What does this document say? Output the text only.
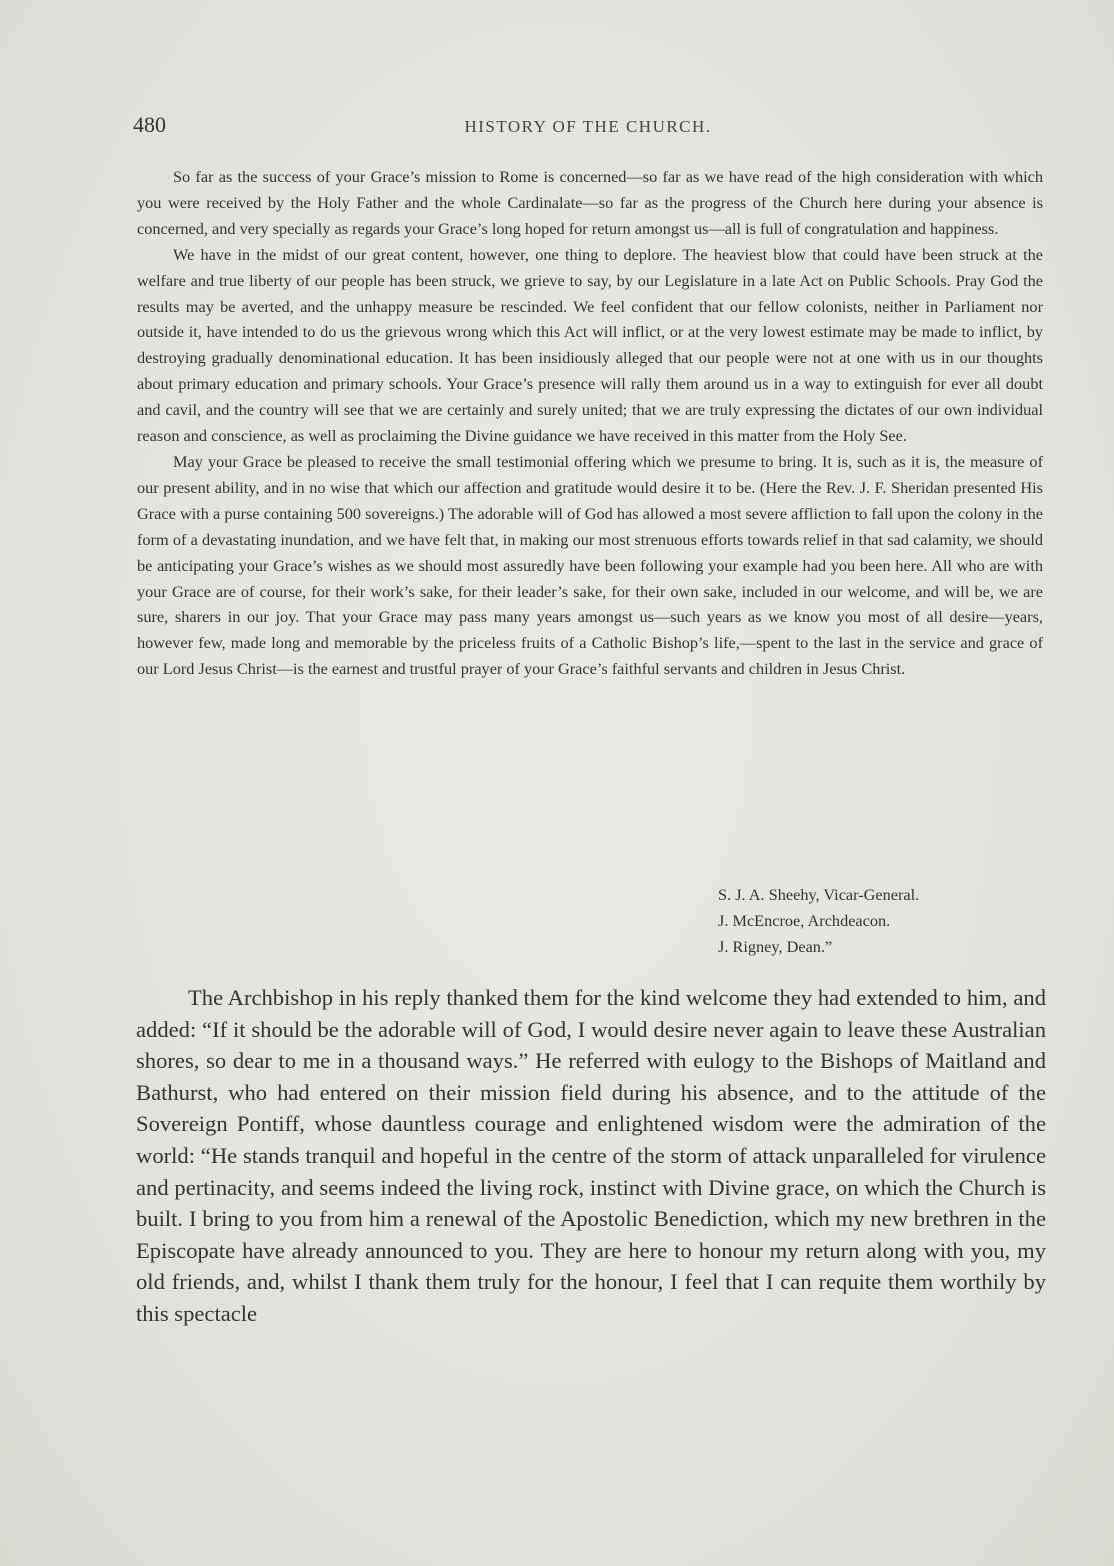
480	HISTORY OF THE CHURCH.

So far as the success of your Grace’s mission to Rome is concerned—so far as we have read of the high consideration with which you were received by the Holy Father and the whole Cardinalate—so far as the progress of the Church here during your absence is concerned, and very specially as regards your Grace’s long hoped for return amongst us—all is full of congratulation and happiness.

We have in the midst of our great content, however, one thing to deplore. The heaviest blow that could have been struck at the welfare and true liberty of our people has been struck, we grieve to say, by our Legislature in a late Act on Public Schools. Pray God the results may be averted, and the unhappy measure be rescinded. We feel confident that our fellow colonists, neither in Parliament nor outside it, have intended to do us the grievous wrong which this Act will inflict, or at the very lowest estimate may be made to inflict, by destroying gradually denominational education. It has been insidiously alleged that our people were not at one with us in our thoughts about primary education and primary schools. Your Grace’s presence will rally them around us in a way to extinguish for ever all doubt and cavil, and the country will see that we are certainly and surely united; that we are truly expressing the dictates of our own individual reason and conscience, as well as proclaiming the Divine guidance we have received in this matter from the Holy See.

May your Grace be pleased to receive the small testimonial offering which we presume to bring. It is, such as it is, the measure of our present ability, and in no wise that which our affection and gratitude would desire it to be. (Here the Rev. J. F. Sheridan presented His Grace with a purse containing 500 sovereigns.) The adorable will of God has allowed a most severe affliction to fall upon the colony in the form of a devastating inundation, and we have felt that, in making our most strenuous efforts towards relief in that sad calamity, we should be anticipating your Grace’s wishes as we should most assuredly have been following your example had you been here. All who are with your Grace are of course, for their work’s sake, for their leader’s sake, for their own sake, included in our welcome, and will be, we are sure, sharers in our joy. That your Grace may pass many years amongst us—such years as we know you most of all desire—years, however few, made long and memorable by the priceless fruits of a Catholic Bishop’s life,—spent to the last in the service and grace of our Lord Jesus Christ—is the earnest and trustful prayer of your Grace’s faithful servants and children in Jesus Christ.

S. J. A. Sheehy, Vicar-General.
J. McEncroe, Archdeacon.
J. Rigney, Dean.”

The Archbishop in his reply thanked them for the kind welcome they had extended to him, and added: “If it should be the adorable will of God, I would desire never again to leave these Australian shores, so dear to me in a thousand ways.” He referred with eulogy to the Bishops of Maitland and Bathurst, who had entered on their mission field during his absence, and to the attitude of the Sovereign Pontiff, whose dauntless courage and enlightened wisdom were the admiration of the world: “He stands tranquil and hopeful in the centre of the storm of attack unparalleled for virulence and pertinacity, and seems indeed the living rock, instinct with Divine grace, on which the Church is built. I bring to you from him a renewal of the Apostolic Benediction, which my new brethren in the Episcopate have already announced to you. They are here to honour my return along with you, my old friends, and, whilst I thank them truly for the honour, I feel that I can requite them worthily by this spectacle
